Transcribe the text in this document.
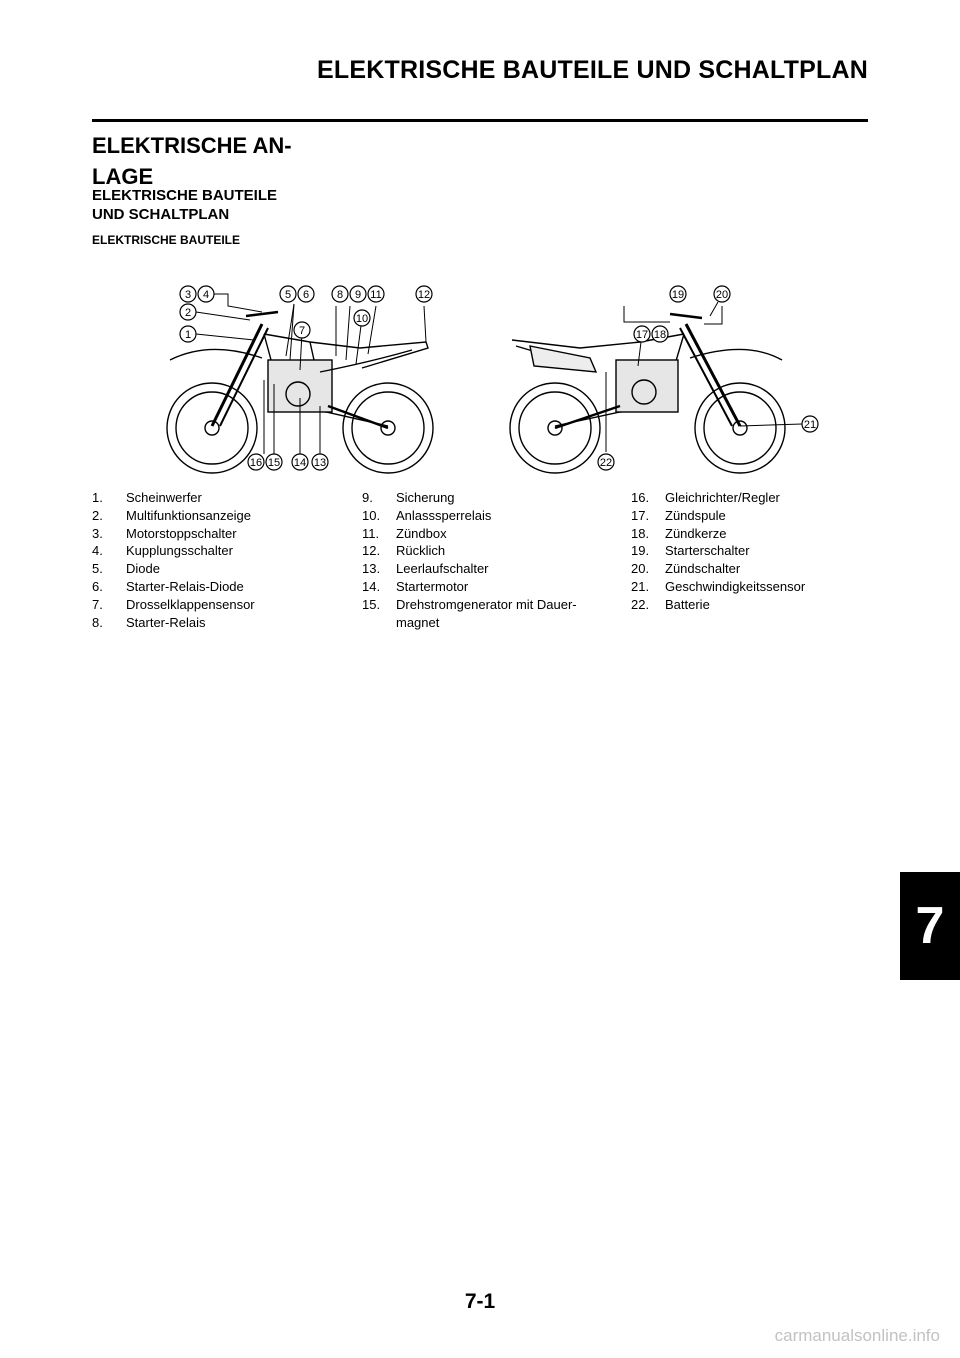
ELEKTRISCHE BAUTEILE UND SCHALTPLAN
ELEKTRISCHE AN-
LAGE
ELEKTRISCHE BAUTEILE
UND SCHALTPLAN
ELEKTRISCHE BAUTEILE
3 4
2
1
5 6
7
8 9
10
11	12
16 15 14 13
19	20
17 18
21
22
1. Scheinwerfer
2. Multifunktionsanzeige
3. Motorstoppschalter
4. Kupplungsschalter
5. Diode
6. Starter-Relais-Diode
7. Drosselklappensensor
8. Starter-Relais
9. Sicherung
10. Anlasssperrelais
11. Zündbox
12. Rücklich
13. Leerlaufschalter
14. Startermotor
15. Drehstromgenerator mit Dauer-magnet
16. Gleichrichter/Regler
17. Zündspule
18. Zündkerze
19. Starterschalter
20. Zündschalter
21. Geschwindigkeitssensor
22. Batterie
7
7-1
carmanualsonline.info
